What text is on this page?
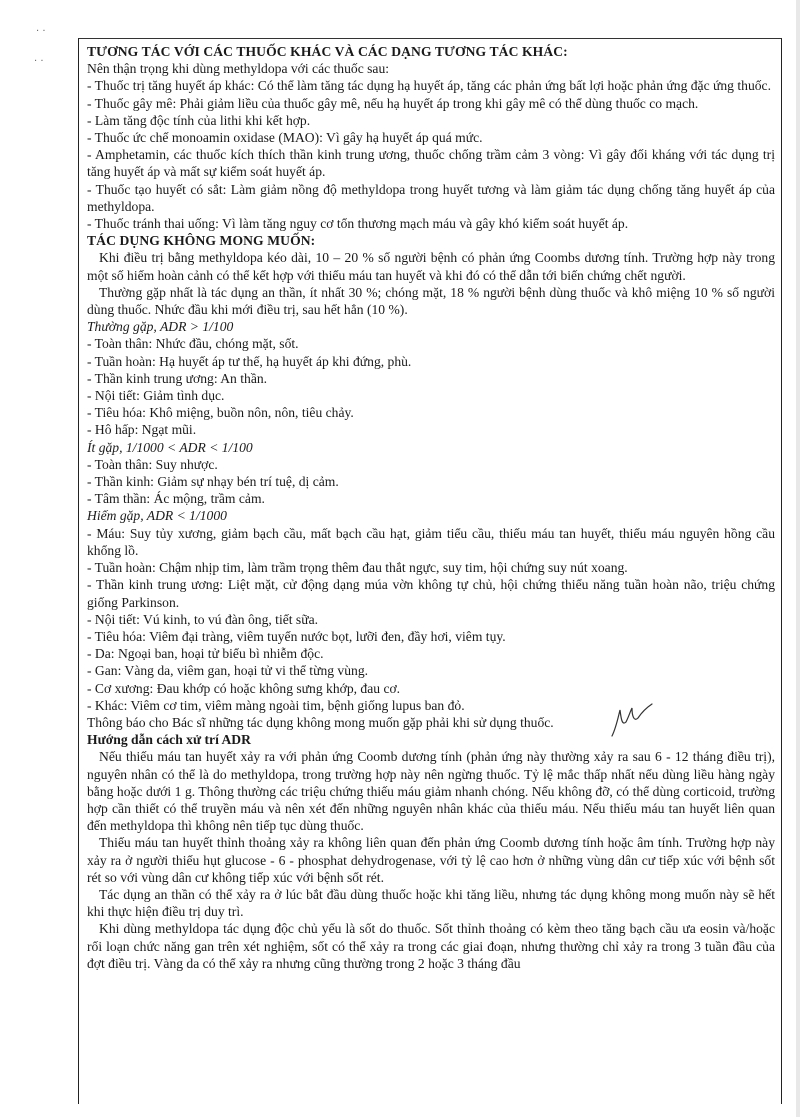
· ·
· ·

TƯƠNG TÁC VỚI CÁC THUỐC KHÁC VÀ CÁC DẠNG TƯƠNG TÁC KHÁC:

Nên thận trọng khi dùng methyldopa với các thuốc sau:

- Thuốc trị tăng huyết áp khác: Có thể làm tăng tác dụng hạ huyết áp, tăng các phản ứng bất lợi hoặc phản ứng đặc ứng thuốc.

- Thuốc gây mê: Phải giảm liều của thuốc gây mê, nếu hạ huyết áp trong khi gây mê có thể dùng thuốc co mạch.

- Làm tăng độc tính của lithi khi kết hợp.

- Thuốc ức chế monoamin oxidase (MAO): Vì gây hạ huyết áp quá mức.

- Amphetamin, các thuốc kích thích thần kinh trung ương, thuốc chống trầm cảm 3 vòng: Vì gây đối kháng với tác dụng trị tăng huyết áp và mất sự kiểm soát huyết áp.

- Thuốc tạo huyết có sắt: Làm giảm nồng độ methyldopa trong huyết tương và làm giảm tác dụng chống tăng huyết áp của methyldopa.

- Thuốc tránh thai uống: Vì làm tăng nguy cơ tổn thương mạch máu và gây khó kiểm soát huyết áp.

TÁC DỤNG KHÔNG MONG MUỐN:

Khi điều trị bằng methyldopa kéo dài, 10 – 20 % số người bệnh có phản ứng Coombs dương tính. Trường hợp này trong một số hiếm hoàn cảnh có thể kết hợp với thiếu máu tan huyết và khi đó có thể dẫn tới biến chứng chết người.

Thường gặp nhất là tác dụng an thần, ít nhất 30 %; chóng mặt, 18 % người bệnh dùng thuốc và khô miệng 10 % số người dùng thuốc. Nhức đầu khi mới điều trị, sau hết hẳn (10 %).

Thường gặp, ADR > 1/100

- Toàn thân: Nhức đầu, chóng mặt, sốt.

- Tuần hoàn: Hạ huyết áp tư thế, hạ huyết áp khi đứng, phù.

- Thần kinh trung ương: An thần.

- Nội tiết: Giảm tình dục.

- Tiêu hóa: Khô miệng, buồn nôn, nôn, tiêu chảy.

- Hô hấp: Ngạt mũi.

Ít gặp, 1/1000 < ADR < 1/100

- Toàn thân: Suy nhược.

- Thần kinh: Giảm sự nhạy bén trí tuệ, dị cảm.

- Tâm thần: Ác mộng, trầm cảm.

Hiếm gặp, ADR < 1/1000

- Máu: Suy tủy xương, giảm bạch cầu, mất bạch cầu hạt, giảm tiểu cầu, thiếu máu tan huyết, thiếu máu nguyên hồng cầu khổng lồ.

- Tuần hoàn: Chậm nhịp tim, làm trầm trọng thêm đau thắt ngực, suy tim, hội chứng suy nút xoang.

- Thần kinh trung ương: Liệt mặt, cử động dạng múa vờn không tự chủ, hội chứng thiểu năng tuần hoàn não, triệu chứng giống Parkinson.

- Nội tiết: Vú kinh, to vú đàn ông, tiết sữa.

- Tiêu hóa: Viêm đại tràng, viêm tuyến nước bọt, lưỡi đen, đầy hơi, viêm tụy.

- Da: Ngoại ban, hoại tử biểu bì nhiễm độc.

- Gan: Vàng da, viêm gan, hoại tử vi thể từng vùng.

- Cơ xương: Đau khớp có hoặc không sưng khớp, đau cơ.

- Khác: Viêm cơ tim, viêm màng ngoài tim, bệnh giống lupus ban đỏ.

Thông báo cho Bác sĩ những tác dụng không mong muốn gặp phải khi sử dụng thuốc.

Hướng dẫn cách xử trí ADR

Nếu thiếu máu tan huyết xảy ra với phản ứng Coomb dương tính (phản ứng này thường xảy ra sau 6 - 12 tháng điều trị), nguyên nhân có thể là do methyldopa, trong trường hợp này nên ngừng thuốc. Tỷ lệ mắc thấp nhất nếu dùng liều hàng ngày bằng hoặc dưới 1 g. Thông thường các triệu chứng thiếu máu giảm nhanh chóng. Nếu không đỡ, có thể dùng corticoid, trường hợp cần thiết có thể truyền máu và nên xét đến những nguyên nhân khác của thiếu máu. Nếu thiếu máu tan huyết liên quan đến methyldopa thì không nên tiếp tục dùng thuốc.

Thiếu máu tan huyết thỉnh thoảng xảy ra không liên quan đến phản ứng Coomb dương tính hoặc âm tính. Trường hợp này xảy ra ở người thiếu hụt glucose - 6 - phosphat dehydrogenase, với tỷ lệ cao hơn ở những vùng dân cư tiếp xúc với bệnh sốt rét so với vùng dân cư không tiếp xúc với bệnh sốt rét.

Tác dụng an thần có thể xảy ra ở lúc bắt đầu dùng thuốc hoặc khi tăng liều, nhưng tác dụng không mong muốn này sẽ hết khi thực hiện điều trị duy trì.

Khi dùng methyldopa tác dụng độc chủ yếu là sốt do thuốc. Sốt thỉnh thoảng có kèm theo tăng bạch cầu ưa eosin và/hoặc rối loạn chức năng gan trên xét nghiệm, sốt có thể xảy ra trong các giai đoạn, nhưng thường chỉ xảy ra trong 3 tuần đầu của đợt điều trị. Vàng da có thể xảy ra nhưng cũng thường trong 2 hoặc 3 tháng đầu
